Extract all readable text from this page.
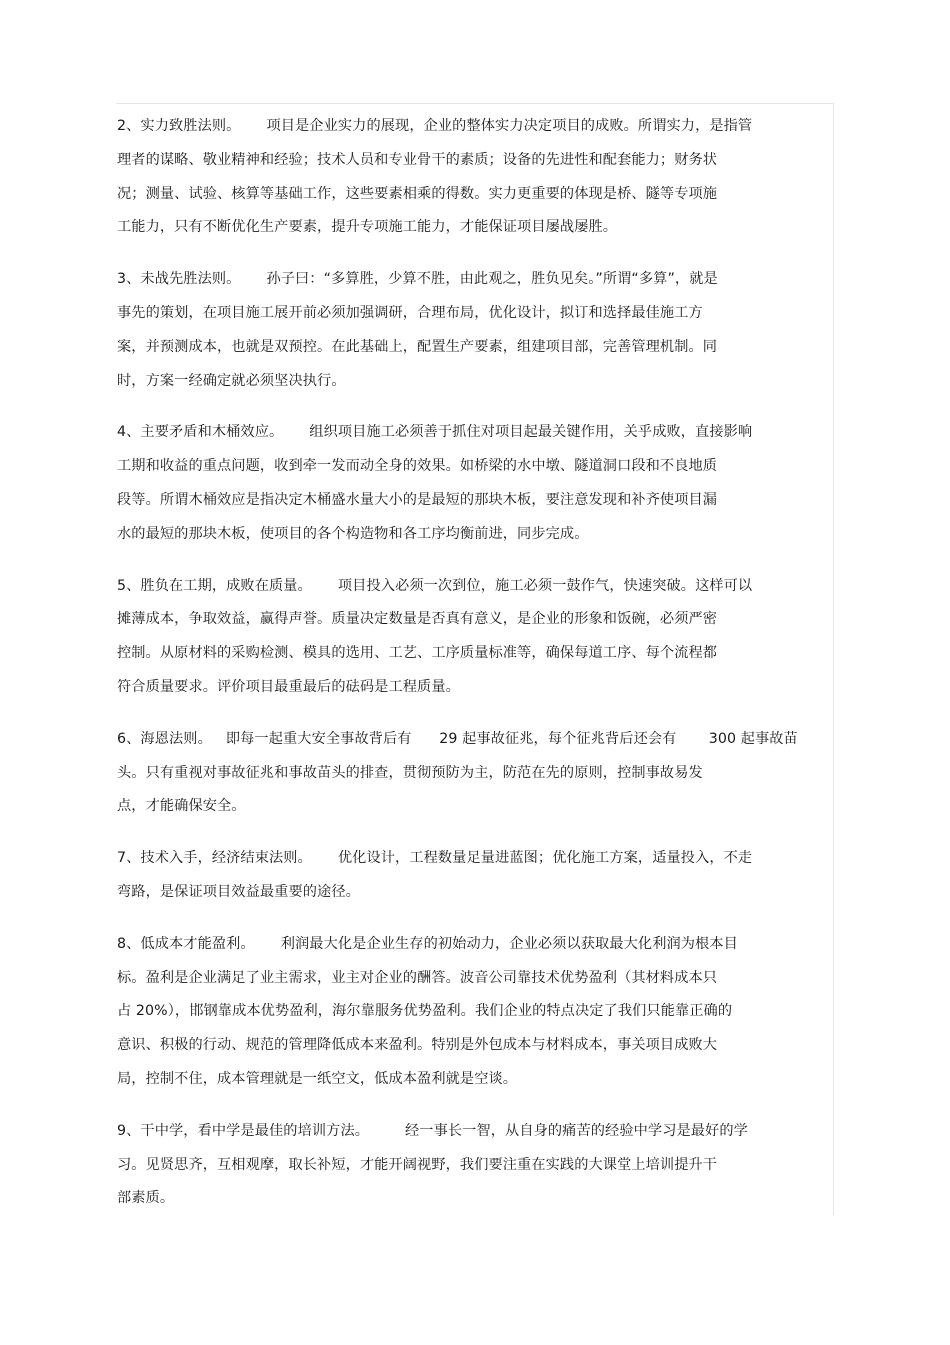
2、实力致胜法则。 项目是企业实力的展现，企业的整体实力决定项目的成败。所谓实力，是指管
理者的谋略、敬业精神和经验；技术人员和专业骨干的素质；设备的先进性和配套能力；财务状
况；测量、试验、核算等基础工作，这些要素相乘的得数。实力更重要的体现是桥、隧等专项施
工能力，只有不断优化生产要素，提升专项施工能力，才能保证项目屡战屡胜。
3、未战先胜法则。 孙子曰：“多算胜，少算不胜，由此观之，胜负见矣。”所谓“多算”，就是
事先的策划，在项目施工展开前必须加强调研，合理布局，优化设计，拟订和选择最佳施工方
案，并预测成本，也就是双预控。在此基础上，配置生产要素，组建项目部，完善管理机制。同
时，方案一经确定就必须坚决执行。
4、主要矛盾和木桶效应。 组织项目施工必须善于抓住对项目起最关键作用，关乎成败，直接影响
工期和收益的重点问题，收到牵一发而动全身的效果。如桥梁的水中墩、隧道洞口段和不良地质
段等。所谓木桶效应是指决定木桶盛水量大小的是最短的那块木板，要注意发现和补齐使项目漏
水的最短的那块木板，使项目的各个构造物和各工序均衡前进，同步完成。
5、胜负在工期，成败在质量。 项目投入必须一次到位，施工必须一鼓作气，快速突破。这样可以
摊薄成本，争取效益，赢得声誉。质量决定数量是否真有意义，是企业的形象和饭碗，必须严密
控制。从原材料的采购检测、模具的选用、工艺、工序质量标准等，确保每道工序、每个流程都
符合质量要求。评价项目最重最后的砝码是工程质量。
6、海恩法则。 即每一起重大安全事故背后有      29 起事故征兆，每个征兆背后还会有       300 起事故苗
头。只有重视对事故征兆和事故苗头的排查，贯彻预防为主，防范在先的原则，控制事故易发
点，才能确保安全。
7、技术入手，经济结束法则。 优化设计，工程数量足量进蓝图；优化施工方案，适量投入，不走
弯路，是保证项目效益最重要的途径。
8、低成本才能盈利。 利润最大化是企业生存的初始动力，企业必须以获取最大化利润为根本目
标。盈利是企业满足了业主需求，业主对企业的酬答。波音公司靠技术优势盈利（其材料成本只
占 20%），邯钢靠成本优势盈利，海尔靠服务优势盈利。我们企业的特点决定了我们只能靠正确的
意识、积极的行动、规范的管理降低成本来盈利。特别是外包成本与材料成本，事关项目成败大
局，控制不住，成本管理就是一纸空文，低成本盈利就是空谈。
9、干中学，看中学是最佳的培训方法。	经一事长一智，从自身的痛苦的经验中学习是最好的学
习。见贤思齐，互相观摩，取长补短，才能开阔视野，我们要注重在实践的大课堂上培训提升干
部素质。
